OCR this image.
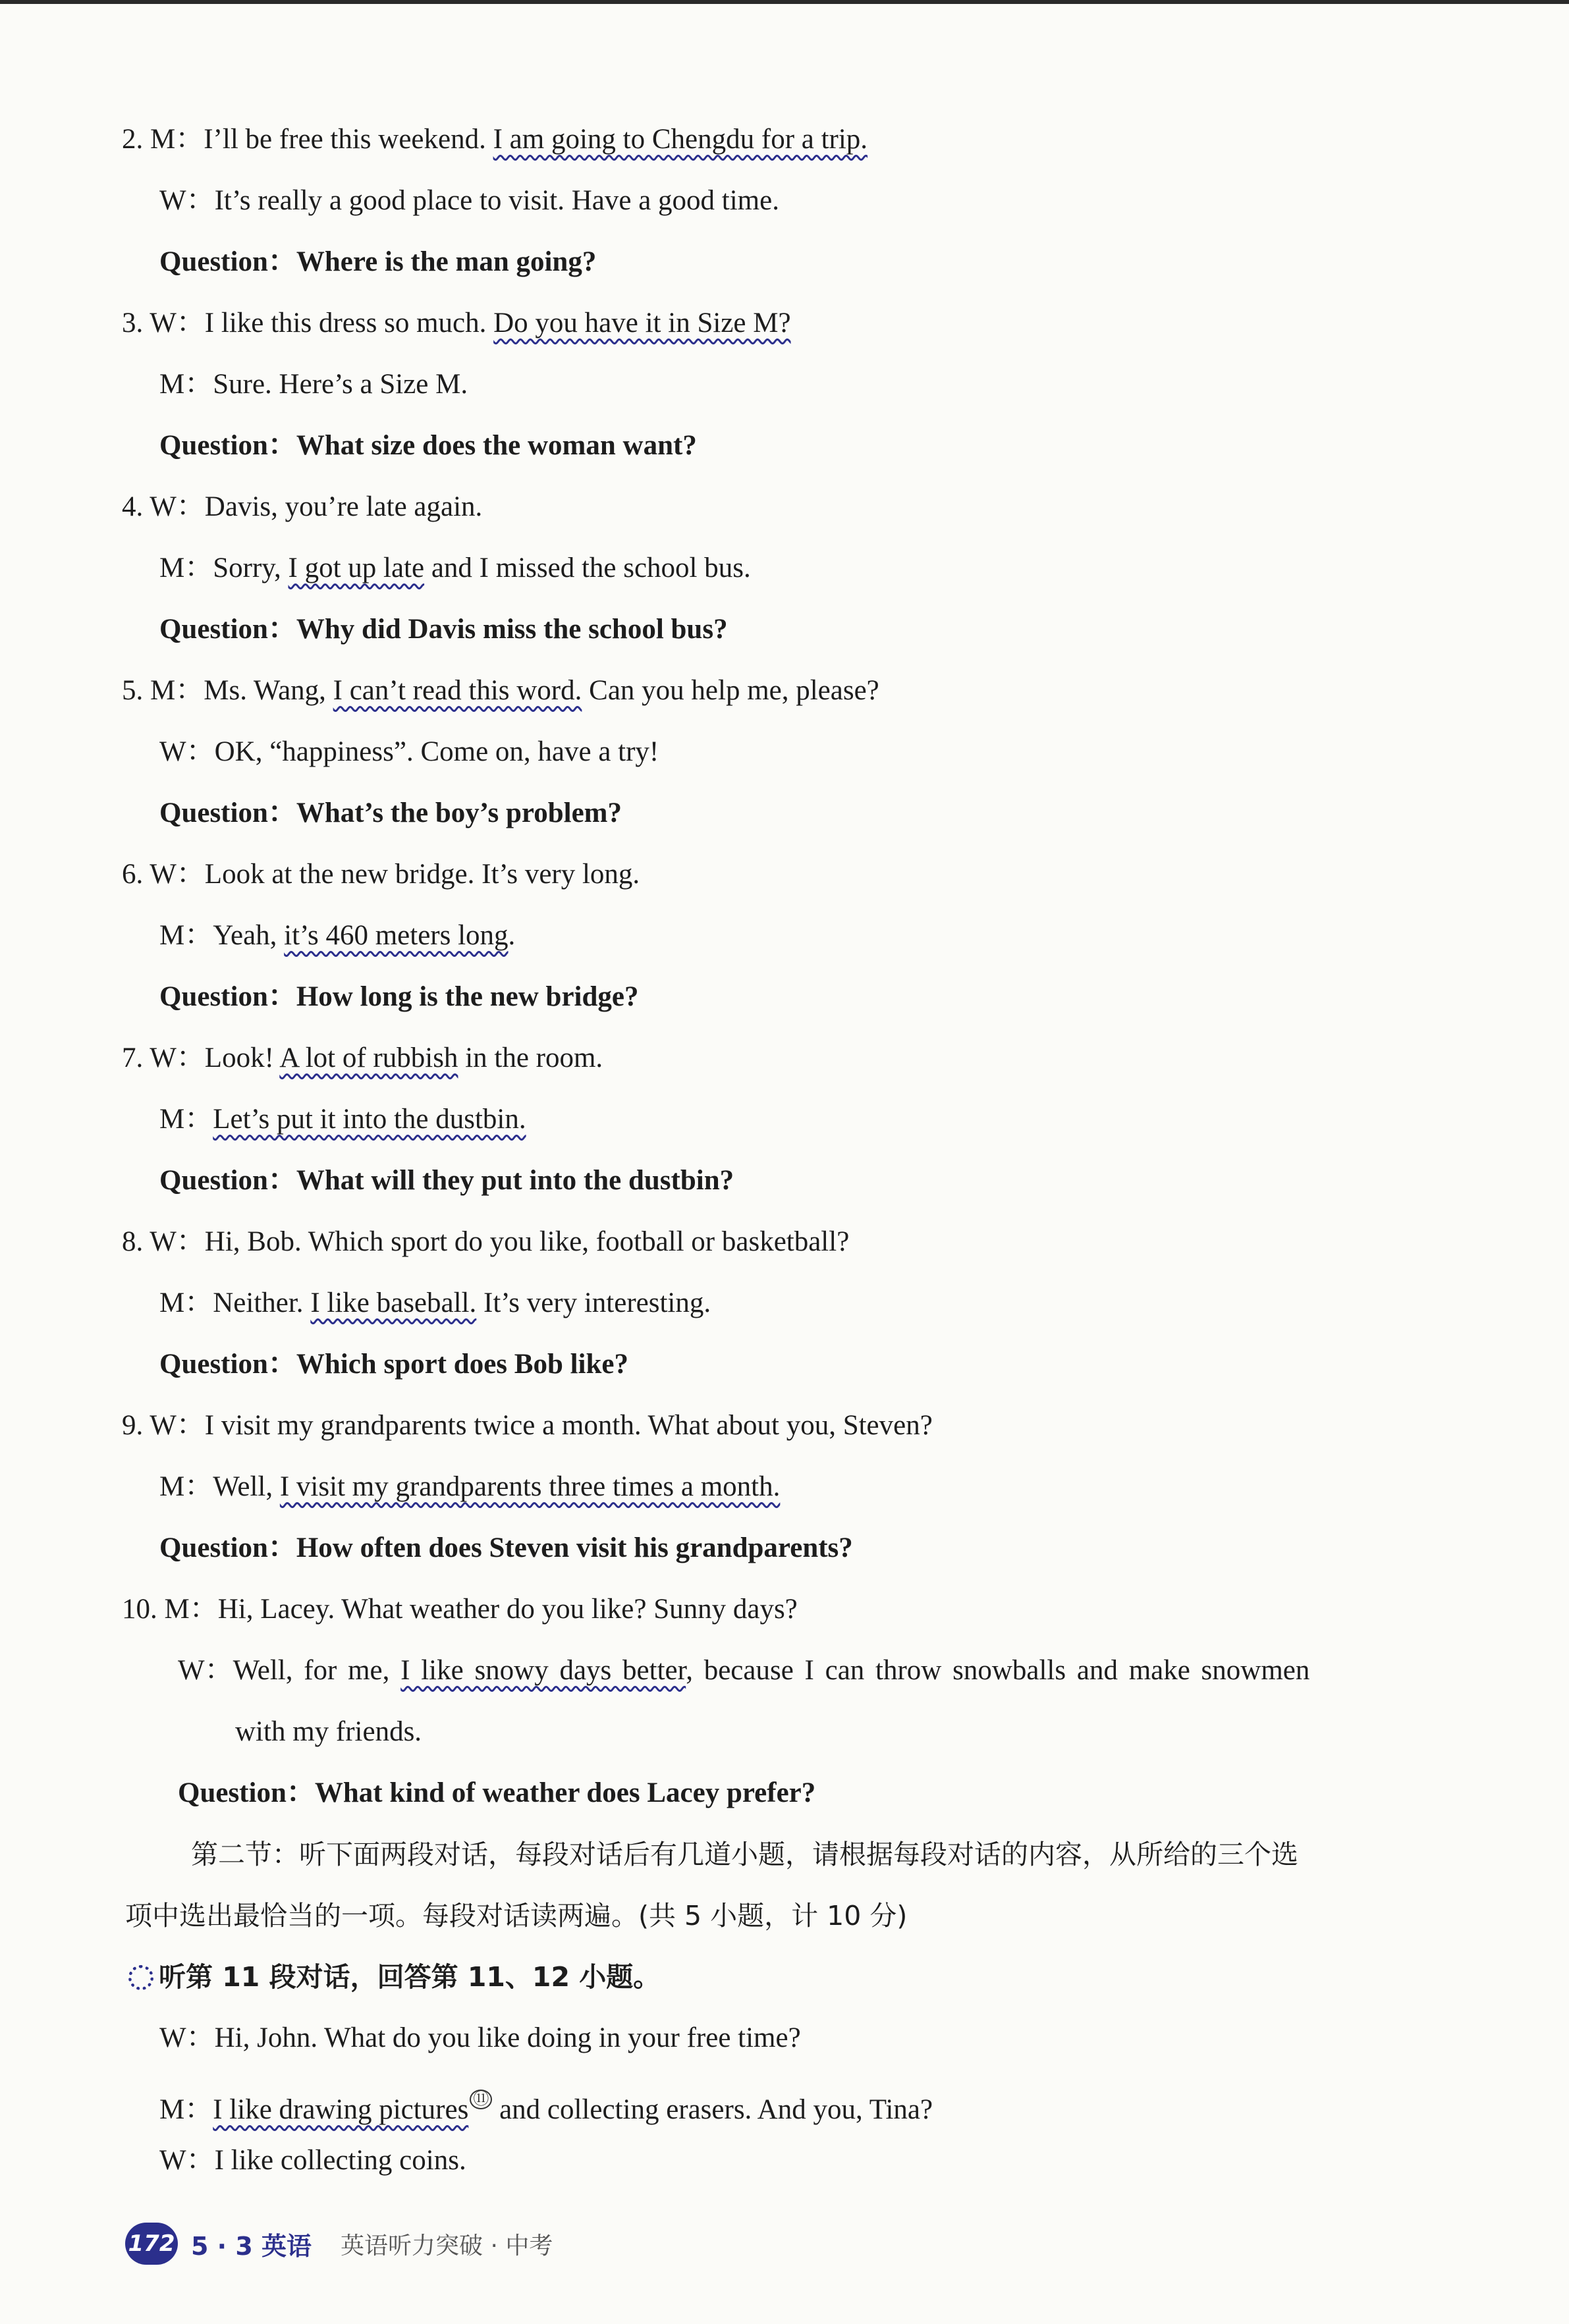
2. M：I’ll be free this weekend. I am going to Chengdu for a trip.
W：It’s really a good place to visit. Have a good time.
Question：Where is the man going?
3. W：I like this dress so much. Do you have it in Size M?
M：Sure. Here’s a Size M.
Question：What size does the woman want?
4. W：Davis, you’re late again.
M：Sorry, I got up late and I missed the school bus.
Question：Why did Davis miss the school bus?
5. M：Ms. Wang, I can’t read this word. Can you help me, please?
W：OK, “happiness”. Come on, have a try!
Question：What’s the boy’s problem?
6. W：Look at the new bridge. It’s very long.
M：Yeah, it’s 460 meters long.
Question：How long is the new bridge?
7. W：Look! A lot of rubbish in the room.
M：Let’s put it into the dustbin.
Question：What will they put into the dustbin?
8. W：Hi, Bob. Which sport do you like, football or basketball?
M：Neither. I like baseball. It’s very interesting.
Question：Which sport does Bob like?
9. W：I visit my grandparents twice a month. What about you, Steven?
M：Well, I visit my grandparents three times a month.
Question：How often does Steven visit his grandparents?
10. M：Hi, Lacey. What weather do you like? Sunny days?
W：Well, for me, I like snowy days better, because I can throw snowballs and make snowmen
with my friends.
Question：What kind of weather does Lacey prefer?
第二节：听下面两段对话，每段对话后有几道小题，请根据每段对话的内容，从所给的三个选
项中选出最恰当的一项。每段对话读两遍。(共 5 小题，计 10 分)
听第 11 段对话，回答第 11、12 小题。
W：Hi, John. What do you like doing in your free time?
M：I like drawing pictures ⑪ and collecting erasers. And you, Tina?
W：I like collecting coins.
172 5 · 3 英语 英语听力突破 · 中考
